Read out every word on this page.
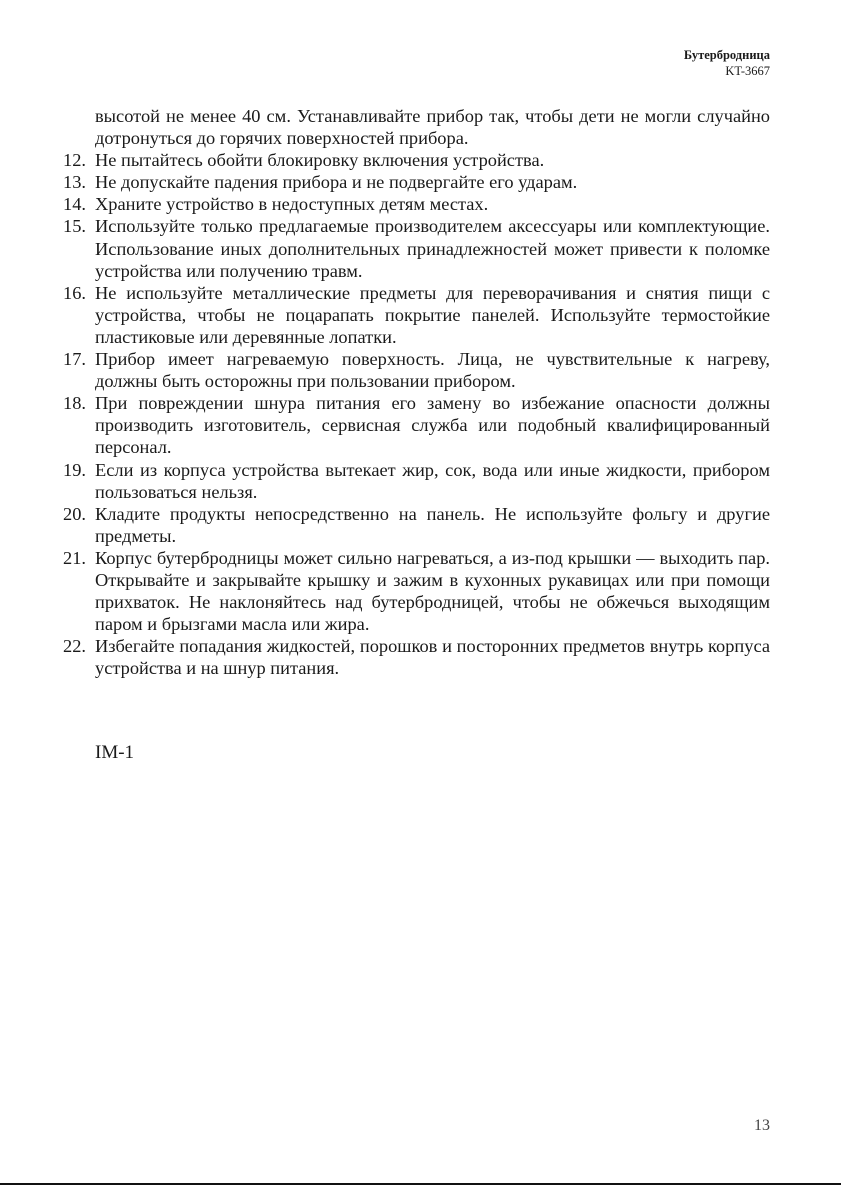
Бутербродница
KT-3667
высотой не менее 40 см. Устанавливайте прибор так, чтобы дети не могли случайно дотронуться до горячих поверхностей прибора.
12. Не пытайтесь обойти блокировку включения устройства.
13. Не допускайте падения прибора и не подвергайте его ударам.
14. Храните устройство в недоступных детям местах.
15. Используйте только предлагаемые производителем аксессуары или комплектующие. Иcпользование иных дополнительных принадлежностей может привести к поломке устройства или получению травм.
16. Не используйте металлические предметы для переворачивания и снятия пищи с устройства, чтобы не поцарапать покрытие панелей. Используйте термостойкие пластиковые или деревянные лопатки.
17. Прибор имеет нагреваемую поверхность. Лица, не чувствительные к нагреву, должны быть осторожны при пользовании прибором.
18. При повреждении шнура питания его замену во избежание опасности должны производить изготовитель, сервисная служба или подобный квалифицированный персонал.
19. Если из корпуса устройства вытекает жир, сок, вода или иные жидкости, прибором пользоваться нельзя.
20. Кладите продукты непосредственно на панель. Не используйте фольгу и другие предметы.
21. Корпус бутербродницы может сильно нагреваться, а из-под крышки — выходить пар. Открывайте и закрывайте крышку и зажим в кухонных рукавицах или при помощи прихваток. Не наклоняйтесь над бутербродницей, чтобы не обжечься выходящим паром и брызгами масла или жира.
22. Избегайте попадания жидкостей, порошков и посторонних предметов внутрь корпуса устройства и на шнур питания.
IM-1
13
